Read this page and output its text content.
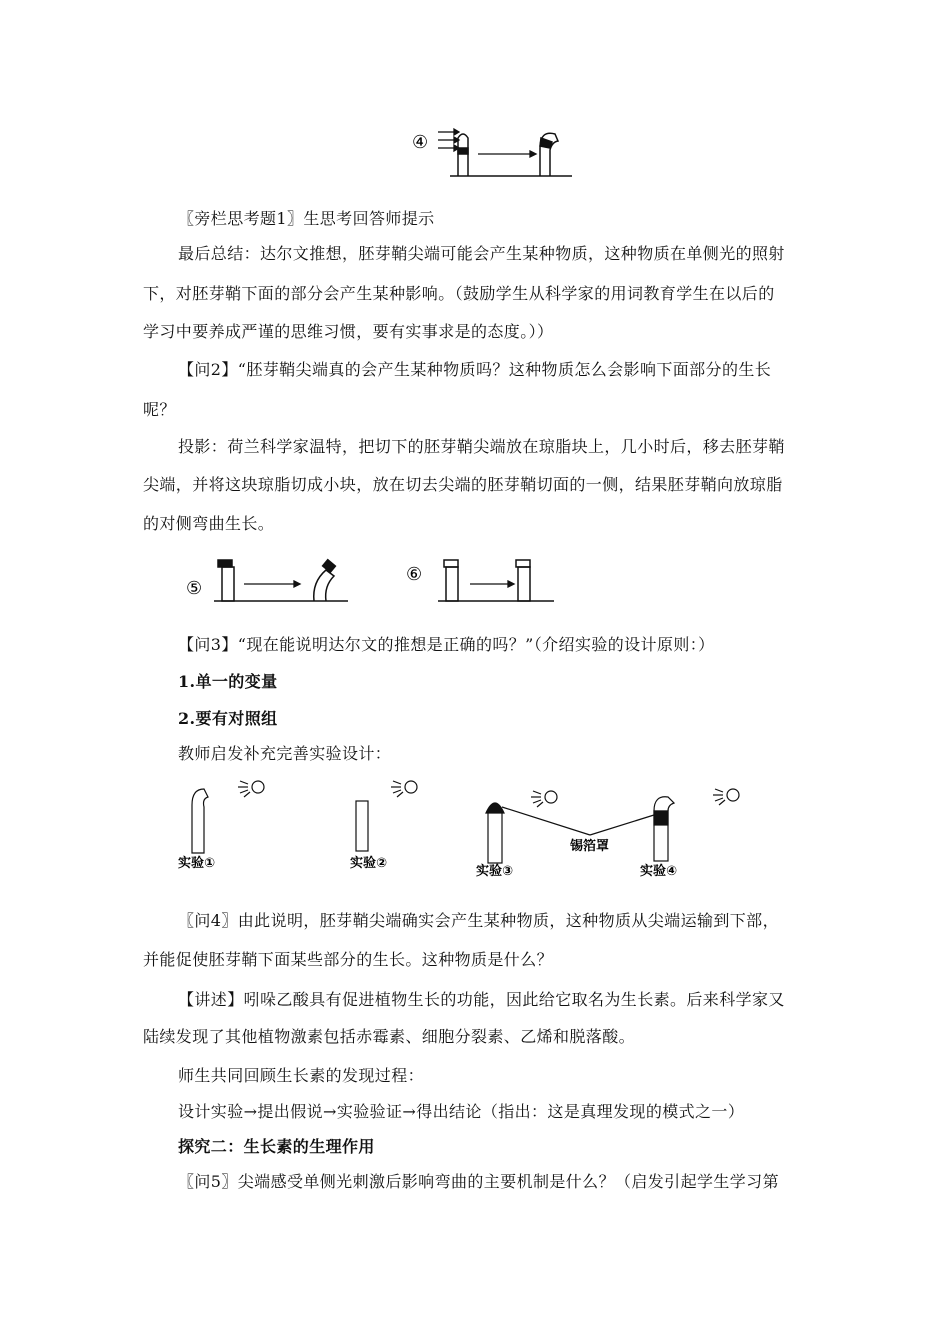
④

〖旁栏思考题1〗生思考回答师提示

最后总结：达尔文推想，胚芽鞘尖端可能会产生某种物质，这种物质在单侧光的照射

下，对胚芽鞘下面的部分会产生某种影响。（鼓励学生从科学家的用词教育学生在以后的

学习中要养成严谨的思维习惯，要有实事求是的态度。））

【问2】“胚芽鞘尖端真的会产生某种物质吗？这种物质怎么会影响下面部分的生长

呢？

投影：荷兰科学家温特，把切下的胚芽鞘尖端放在琼脂块上，几小时后，移去胚芽鞘

尖端，并将这块琼脂切成小块，放在切去尖端的胚芽鞘切面的一侧，结果胚芽鞘向放琼脂

的对侧弯曲生长。

⑤
⑥

【问3】“现在能说明达尔文的推想是正确的吗？”（介绍实验的设计原则：）

1.单一的变量

2.要有对照组

教师启发补充完善实验设计：

锡箔罩
实验①	实验②
实验③	实验④

〖问4〗由此说明，胚芽鞘尖端确实会产生某种物质，这种物质从尖端运输到下部，

并能促使胚芽鞘下面某些部分的生长。这种物质是什么？

【讲述】吲哚乙酸具有促进植物生长的功能，因此给它取名为生长素。后来科学家又

陆续发现了其他植物激素包括赤霉素、细胞分裂素、乙烯和脱落酸。

师生共同回顾生长素的发现过程：

设计实验→提出假说→实验验证→得出结论（指出：这是真理发现的模式之一）

探究二：生长素的生理作用

〖问5〗尖端感受单侧光刺激后影响弯曲的主要机制是什么？（启发引起学生学习第
